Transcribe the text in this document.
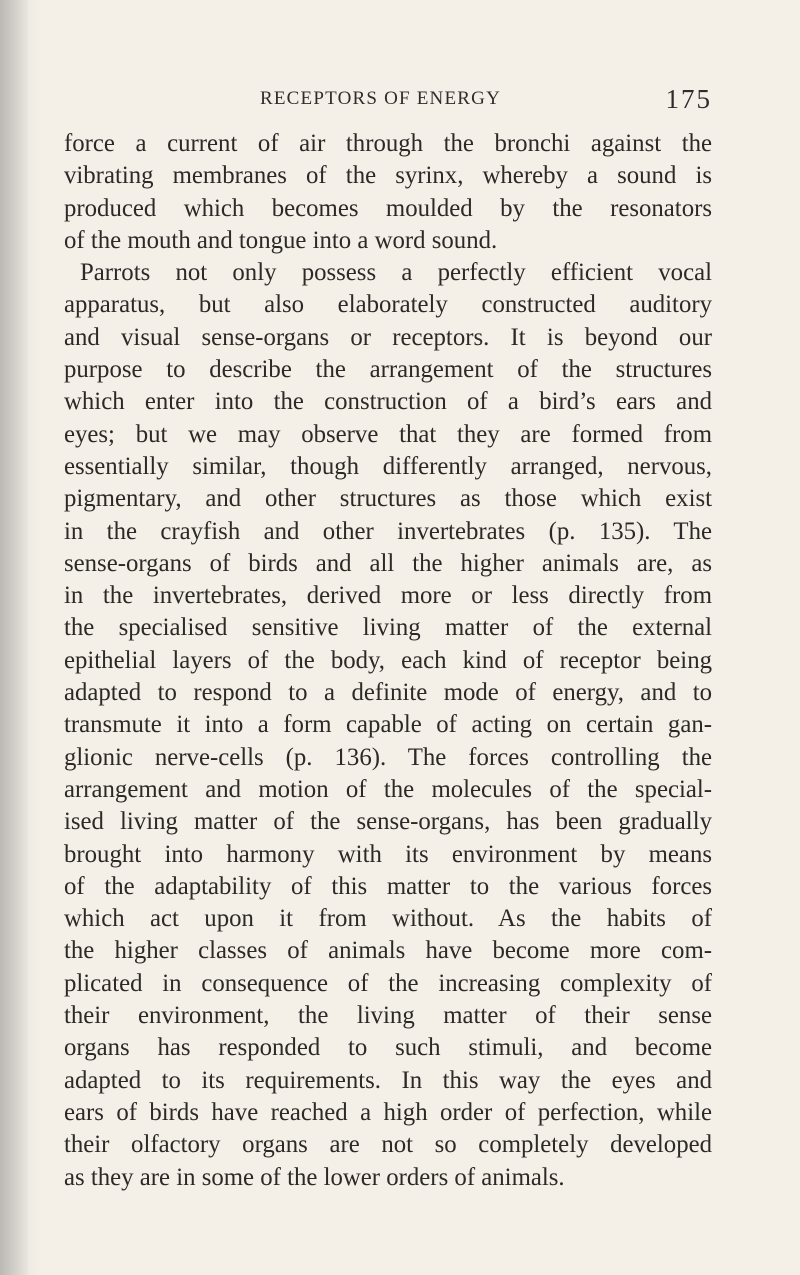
RECEPTORS OF ENERGY	175
force a current of air through the bronchi against the
vibrating membranes of the syrinx, whereby a sound is
produced which becomes moulded by the resonators
of the mouth and tongue into a word sound.
Parrots not only possess a perfectly efficient vocal
apparatus, but also elaborately constructed auditory
and visual sense-organs or receptors. It is beyond our
purpose to describe the arrangement of the structures
which enter into the construction of a bird’s ears and
eyes; but we may observe that they are formed from
essentially similar, though differently arranged, nervous,
pigmentary, and other structures as those which exist
in the crayfish and other invertebrates (p. 135). The
sense-organs of birds and all the higher animals are, as
in the invertebrates, derived more or less directly from
the specialised sensitive living matter of the external
epithelial layers of the body, each kind of receptor being
adapted to respond to a definite mode of energy, and to
transmute it into a form capable of acting on certain gan-
glionic nerve-cells (p. 136). The forces controlling the
arrangement and motion of the molecules of the special-
ised living matter of the sense-organs, has been gradually
brought into harmony with its environment by means
of the adaptability of this matter to the various forces
which act upon it from without. As the habits of
the higher classes of animals have become more com-
plicated in consequence of the increasing complexity of
their environment, the living matter of their sense
organs has responded to such stimuli, and become
adapted to its requirements. In this way the eyes and
ears of birds have reached a high order of perfection, while
their olfactory organs are not so completely developed
as they are in some of the lower orders of animals.
